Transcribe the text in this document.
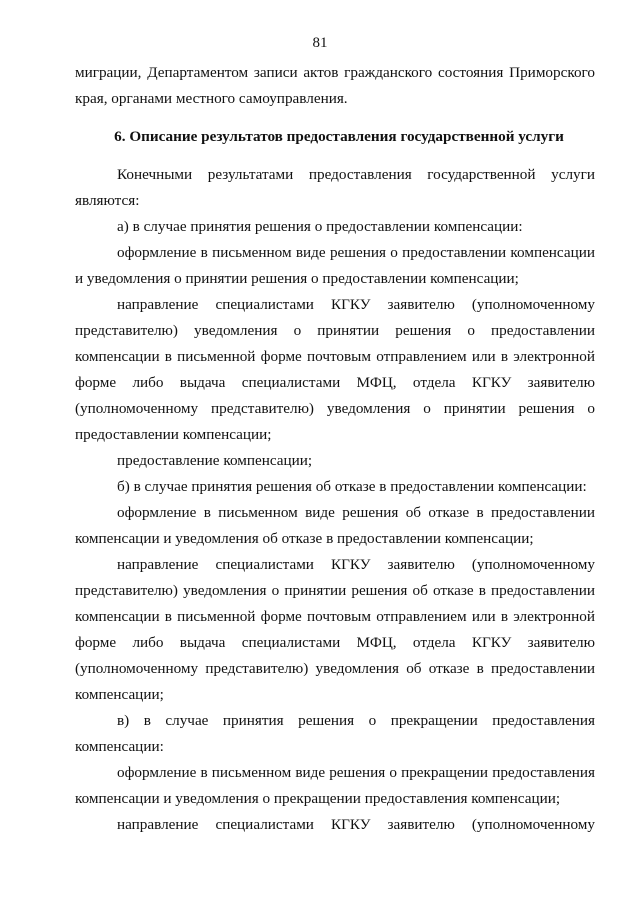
81
миграции, Департаментом записи актов гражданского состояния Приморского
края, органами местного самоуправления.
6. Описание результатов предоставления государственной услуги
Конечными результатами предоставления государственной услуги
являются:
а) в случае принятия решения о предоставлении компенсации:
оформление в письменном виде решения о предоставлении компенсации
и уведомления о принятии решения о предоставлении компенсации;
направление специалистами КГКУ заявителю (уполномоченному
представителю) уведомления о принятии решения о предоставлении
компенсации в письменной форме почтовым отправлением или в электронной
форме либо выдача специалистами МФЦ, отдела КГКУ заявителю
(уполномоченному представителю) уведомления о принятии решения о
предоставлении компенсации;
предоставление компенсации;
б) в случае принятия решения об отказе в предоставлении компенсации:
оформление в письменном виде решения об отказе в предоставлении
компенсации и уведомления об отказе в предоставлении компенсации;
направление специалистами КГКУ заявителю (уполномоченному
представителю) уведомления о принятии решения об отказе в предоставлении
компенсации в письменной форме почтовым отправлением или в электронной
форме либо выдача специалистами МФЦ, отдела КГКУ заявителю
(уполномоченному представителю) уведомления об отказе в предоставлении
компенсации;
в) в случае принятия решения о прекращении предоставления
компенсации:
оформление в письменном виде решения о прекращении предоставления
компенсации и уведомления о прекращении предоставления компенсации;
направление специалистами КГКУ заявителю (уполномоченному
